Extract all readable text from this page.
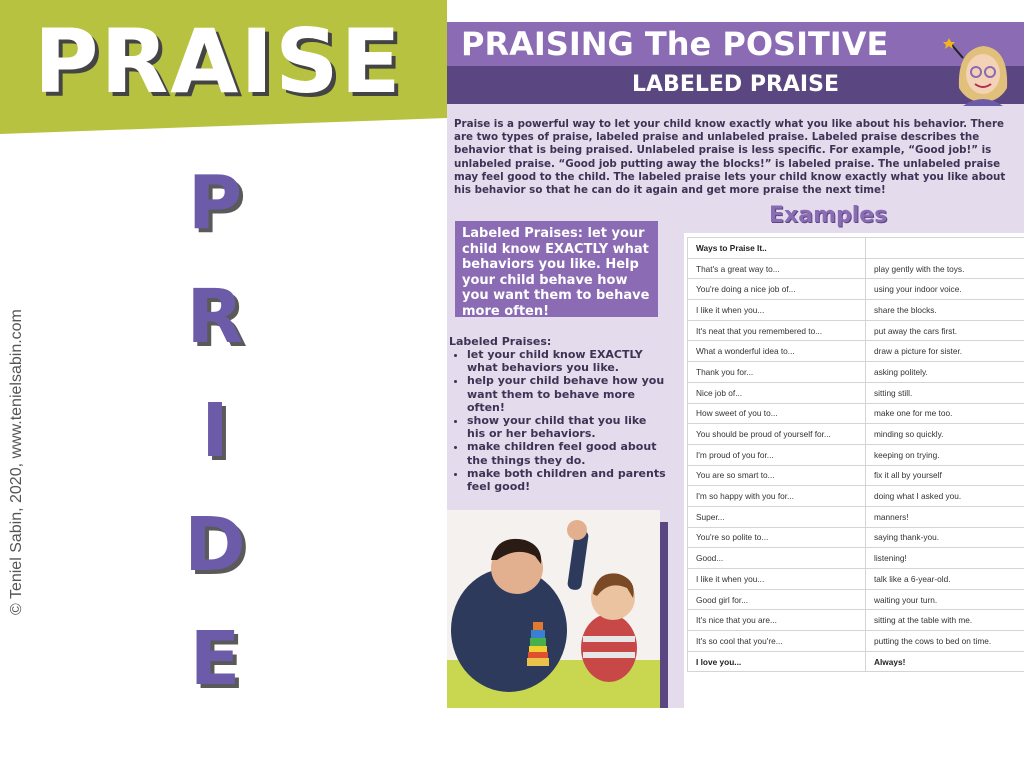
PRAISE
P
R
I
D
E
© Teniel Sabin, 2020, www.tenielsabin.com
PRAISING The POSITIVE
LABELED PRAISE

Praise is a powerful way to let your child know exactly what you like about his behavior. There are two types of praise, labeled praise and unlabeled praise. Labeled praise describes the behavior that is being praised. Unlabeled praise is less specific. For example, “Good job!” is unlabeled praise. “Good job putting away the blocks!” is labeled praise. The unlabeled praise may feel good to the child. The labeled praise lets your child know exactly what you like about his behavior so that he can do it again and get more praise the next time!

Labeled Praises: let your child know EXACTLY what behaviors you like. Help your child behave how you want them to behave more often!

Labeled Praises:

• let your child know EXACTLY what behaviors you like.
• help your child behave how you want them to behave more often!
• show your child that you like his or her behaviors.
• make children feel good about the things they do.
• make both children and parents feel good!
Examples
Ways to Praise It..	
That's a great way to...	play gently with the toys.
You're doing a nice job of...	using your indoor voice.
I like it when you...	share the blocks.
It's neat that you remembered to...	put away the cars first.
What a wonderful idea to...	draw a picture for sister.
Thank you for...	asking politely.
Nice job of...	sitting still.
How sweet of you to...	make one for me too.
You should be proud of yourself for...	minding so quickly.
I'm proud of you for...	keeping on trying.
You are so smart to...	fix it all by yourself
I'm so happy with you for...	doing what I asked you.
Super...	manners!
You're so polite to...	saying thank-you.
Good...	listening!
I like it when you...	talk like a 6-year-old.
Good girl for...	waiting your turn.
It's nice that you are...	sitting at the table with me.
It's so cool that you're...	putting the cows to bed on time.
I love you...	Always!
